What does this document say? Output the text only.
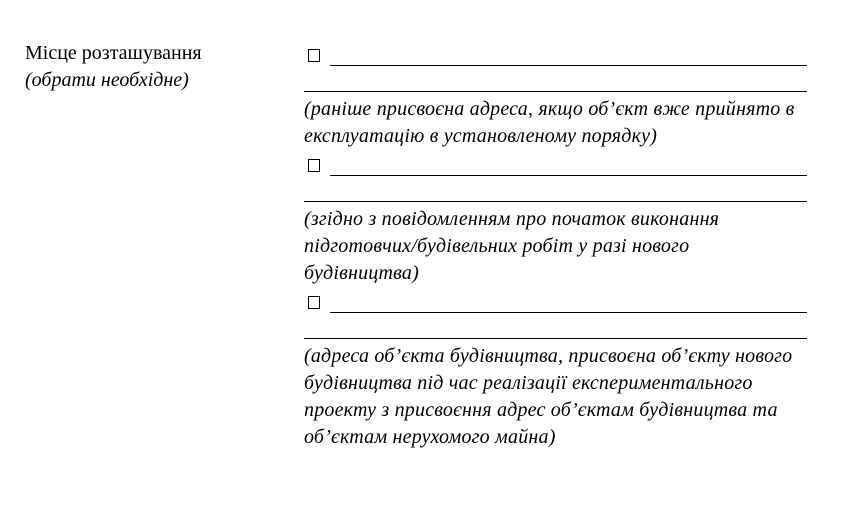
Місце розташування
(обрати необхідне)
(раніше присвоєна адреса, якщо об’єкт вже прийнято в експлуатацію в установленому порядку)
(згідно з повідомленням про початок виконання підготовчих/будівельних робіт у разі нового будівництва)
(адреса об’єкта будівництва, присвоєна об’єкту нового будівництва під час реалізації експериментального проекту з присвоєння адрес об’єктам будівництва та об’єктам нерухомого майна)
